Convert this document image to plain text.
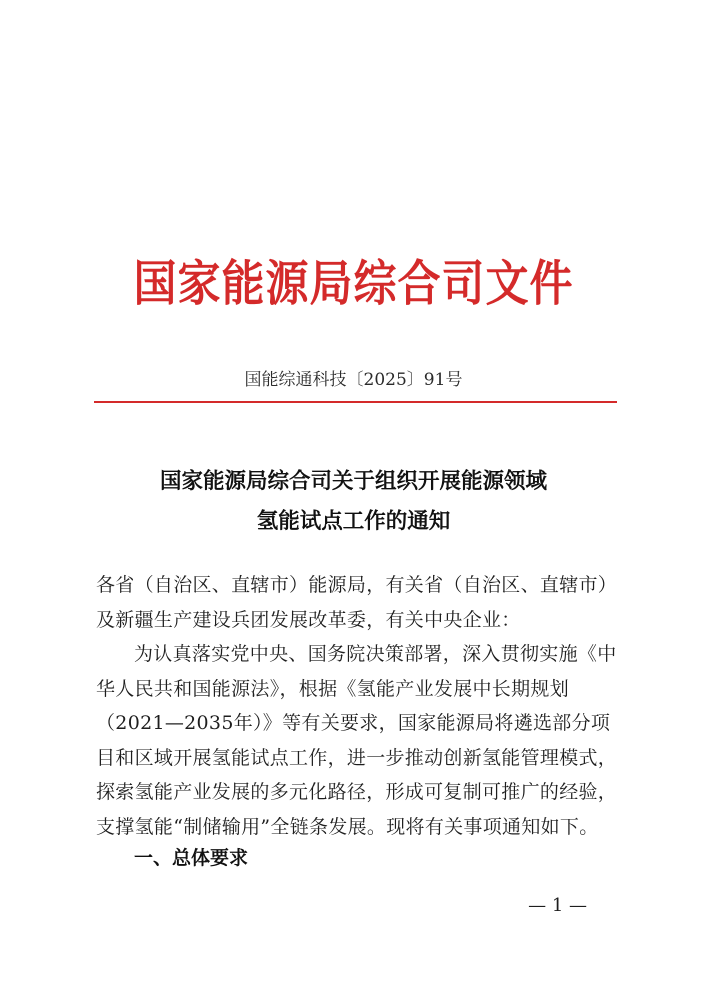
国家能源局综合司文件
国能综通科技〔2025〕91号
国家能源局综合司关于组织开展能源领域
氢能试点工作的通知
各省（自治区、直辖市）能源局，有关省（自治区、直辖市）及新疆生产建设兵团发展改革委，有关中央企业：
为认真落实党中央、国务院决策部署，深入贯彻实施《中华人民共和国能源法》，根据《氢能产业发展中长期规划（2021—2035年）》等有关要求，国家能源局将遴选部分项目和区域开展氢能试点工作，进一步推动创新氢能管理模式，探索氢能产业发展的多元化路径，形成可复制可推广的经验，支撑氢能“制储输用”全链条发展。现将有关事项通知如下。
一、总体要求
— 1 —
